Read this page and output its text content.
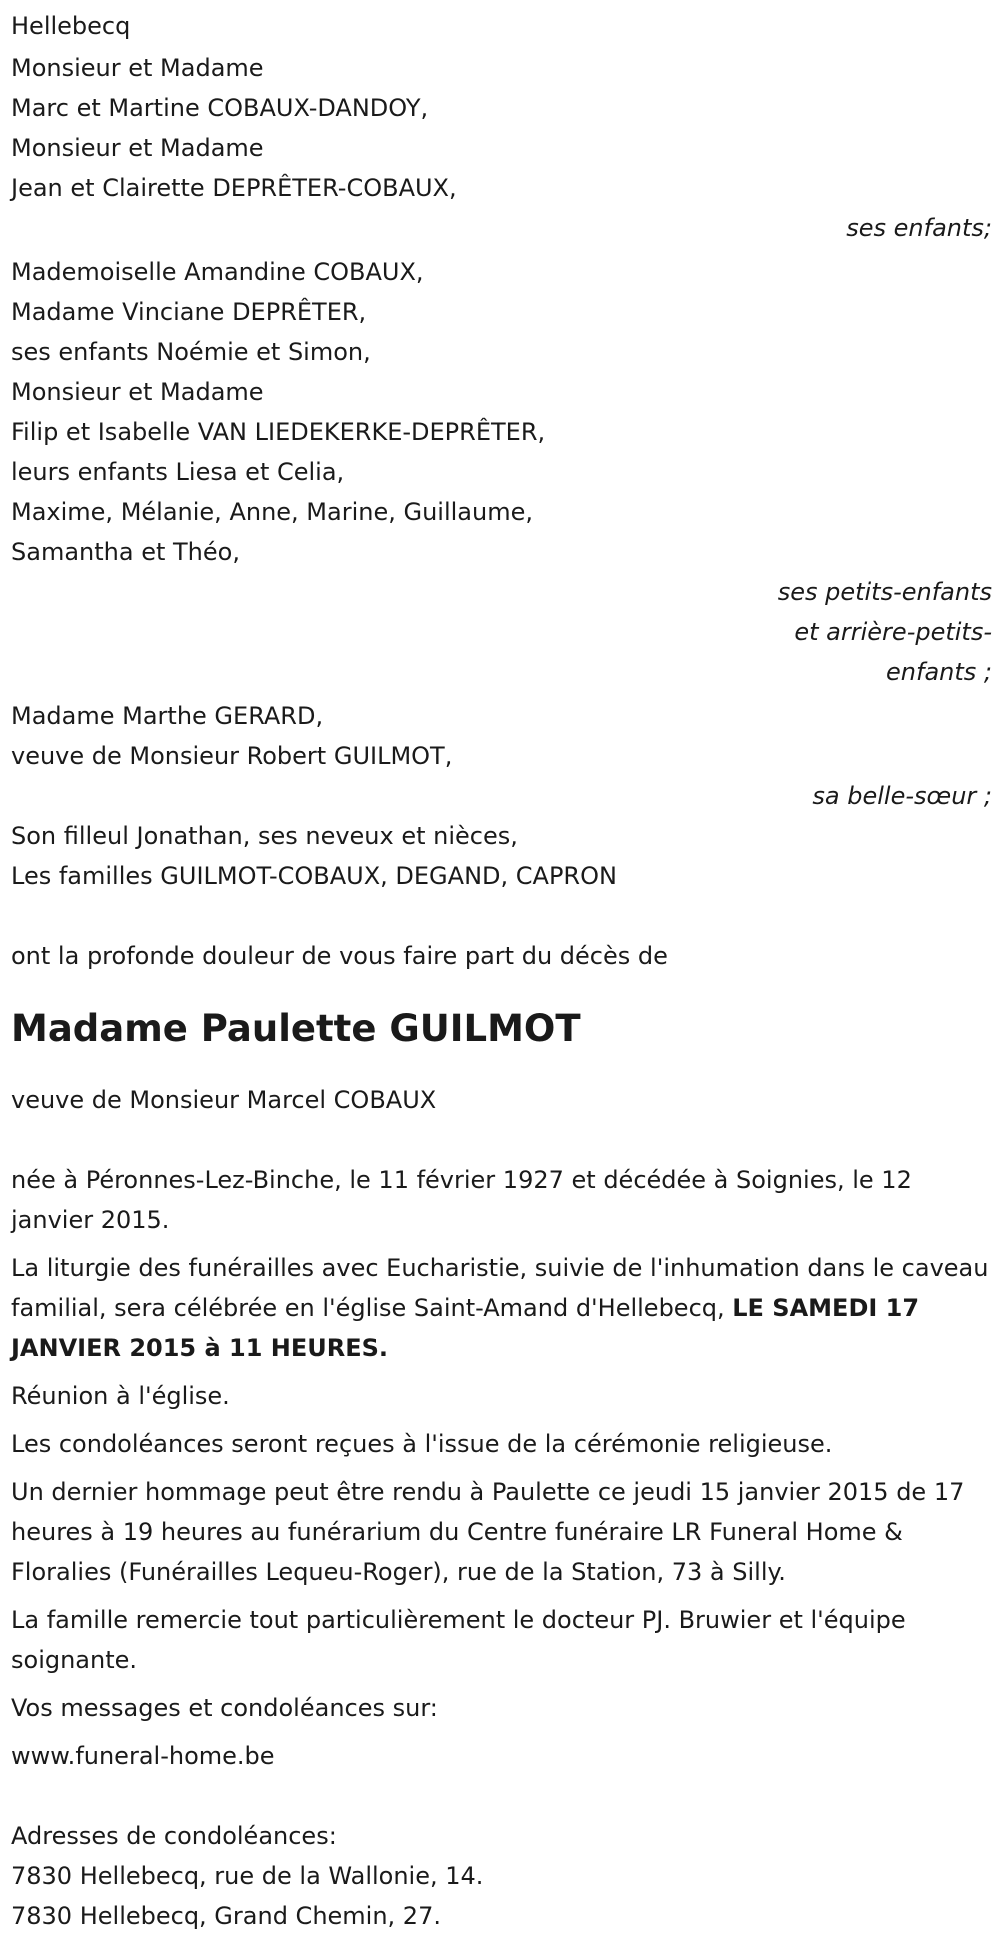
Hellebecq
Monsieur et Madame
Marc et Martine COBAUX-DANDOY,
Monsieur et Madame
Jean et Clairette DEPRÊTER-COBAUX,
ses enfants;
Mademoiselle Amandine COBAUX,
Madame Vinciane DEPRÊTER,
ses enfants Noémie et Simon,
Monsieur et Madame
Filip et Isabelle VAN LIEDEKERKE-DEPRÊTER,
leurs enfants Liesa et Celia,
Maxime, Mélanie, Anne, Marine, Guillaume,
Samantha et Théo,
ses petits-enfants
et arrière-petits-
enfants ;
Madame Marthe GERARD,
veuve de Monsieur Robert GUILMOT,
sa belle-sœur ;
Son filleul Jonathan, ses neveux et nièces,
Les familles GUILMOT-COBAUX, DEGAND, CAPRON
ont la profonde douleur de vous faire part du décès de
Madame Paulette GUILMOT
veuve de Monsieur Marcel COBAUX
née à Péronnes-Lez-Binche, le 11 février 1927 et décédée à Soignies, le 12 janvier 2015.
La liturgie des funérailles avec Eucharistie, suivie de l'inhumation dans le caveau familial, sera célébrée en l'église Saint-Amand d'Hellebecq, LE SAMEDI 17 JANVIER 2015 à 11 HEURES.
Réunion à l'église.
Les condoléances seront reçues à l'issue de la cérémonie religieuse.
Un dernier hommage peut être rendu à Paulette ce jeudi 15 janvier 2015 de 17 heures à 19 heures au funérarium du Centre funéraire LR Funeral Home & Floralies (Funérailles Lequeu-Roger), rue de la Station, 73 à Silly.
La famille remercie tout particulièrement le docteur PJ. Bruwier et l'équipe soignante.
Vos messages et condoléances sur:
www.funeral-home.be
Adresses de condoléances:
7830 Hellebecq, rue de la Wallonie, 14.
7830 Hellebecq, Grand Chemin, 27.
